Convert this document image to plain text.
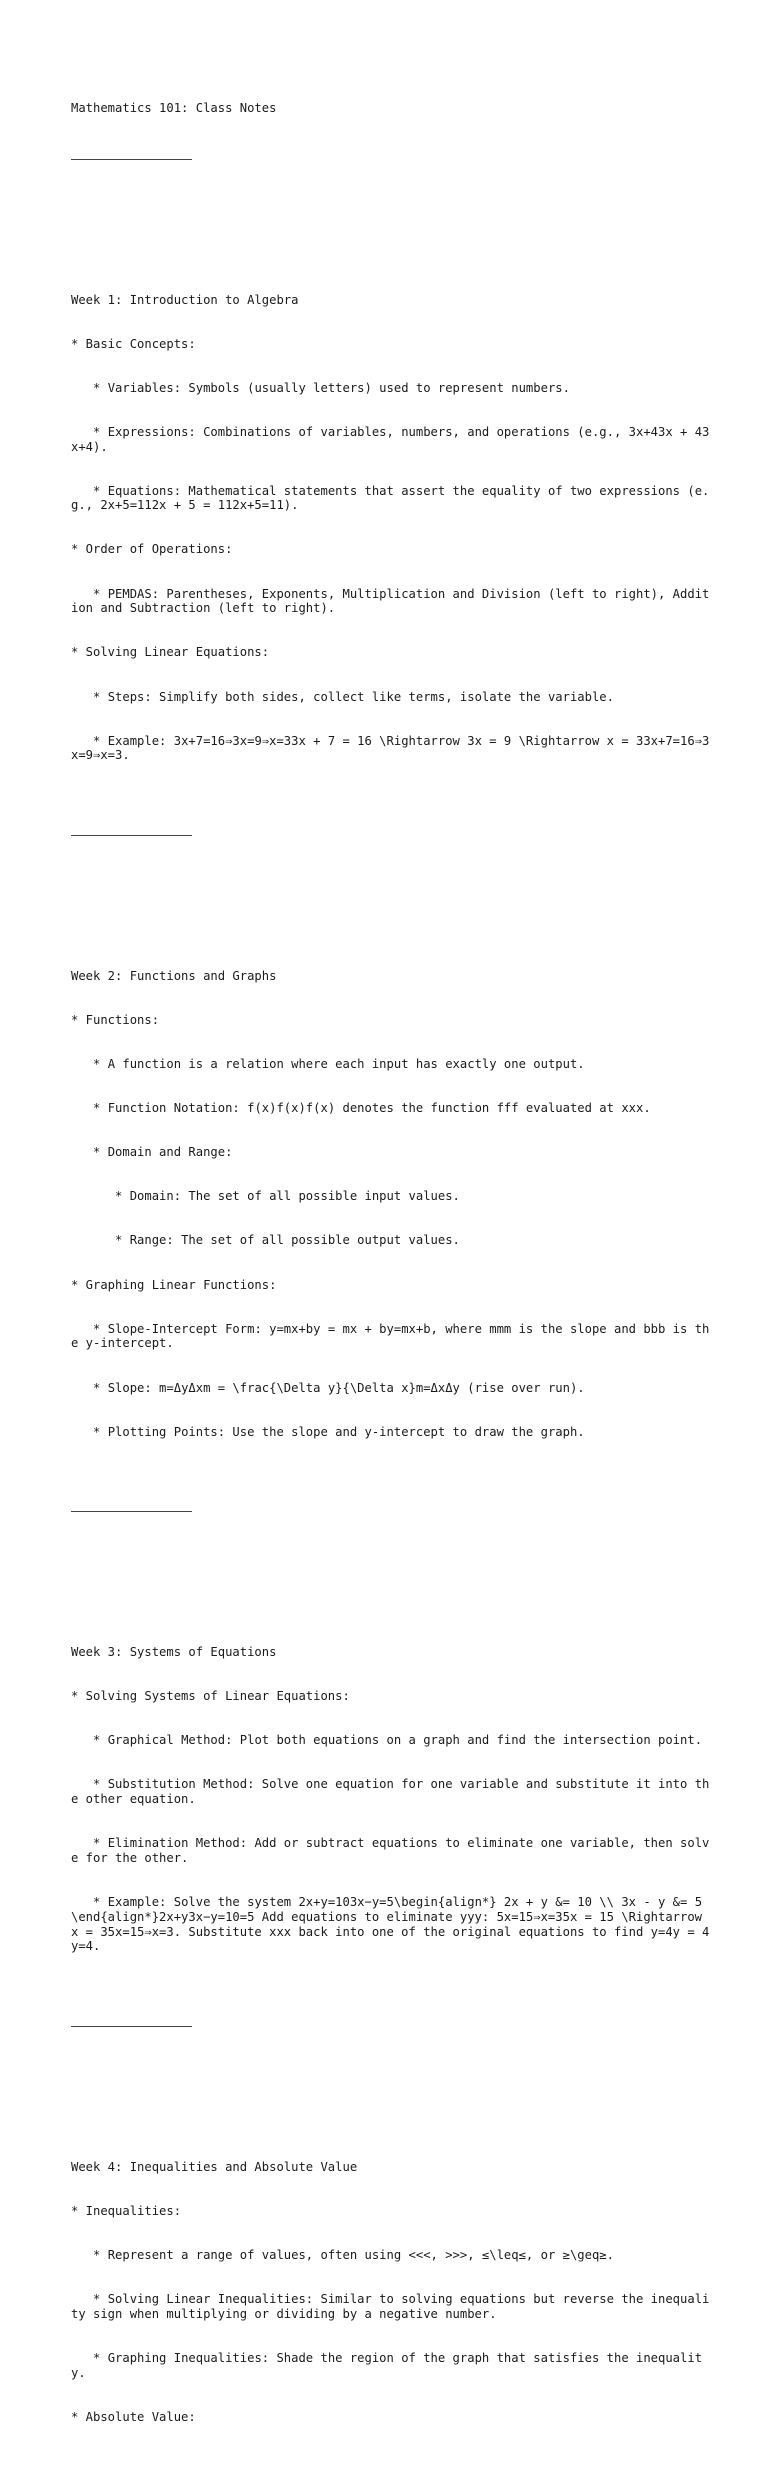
Mathematics 101: Class Notes

Week 1: Introduction to Algebra

* Basic Concepts:

* Variables: Symbols (usually letters) used to represent numbers.

* Expressions: Combinations of variables, numbers, and operations (e.g., 3x+43x + 43x+4).

* Equations: Mathematical statements that assert the equality of two expressions (e.g., 2x+5=112x + 5 = 112x+5=11).

* Order of Operations:

* PEMDAS: Parentheses, Exponents, Multiplication and Division (left to right), Addition and Subtraction (left to right).

* Solving Linear Equations:

* Steps: Simplify both sides, collect like terms, isolate the variable.

* Example: 3x+7=16⇒3x=9⇒x=33x + 7 = 16 \Rightarrow 3x = 9 \Rightarrow x = 33x+7=16⇒3x=9⇒x=3.

Week 2: Functions and Graphs

* Functions:

* A function is a relation where each input has exactly one output.

* Function Notation: f(x)f(x)f(x) denotes the function fff evaluated at xxx.

* Domain and Range:

* Domain: The set of all possible input values.

* Range: The set of all possible output values.

* Graphing Linear Functions:

* Slope-Intercept Form: y=mx+by = mx + by=mx+b, where mmm is the slope and bbb is the y-intercept.

* Slope: m=ΔyΔxm = \frac{\Delta y}{\Delta x}m=ΔxΔy (rise over run).

* Plotting Points: Use the slope and y-intercept to draw the graph.

Week 3: Systems of Equations

* Solving Systems of Linear Equations:

* Graphical Method: Plot both equations on a graph and find the intersection point.

* Substitution Method: Solve one equation for one variable and substitute it into the other equation.

* Elimination Method: Add or subtract equations to eliminate one variable, then solve for the other.

* Example: Solve the system 2x+y=103x−y=5\begin{align*} 2x + y &= 10 \\ 3x - y &= 5 \end{align*}2x+y3x−y=10=5 Add equations to eliminate yyy: 5x=15⇒x=35x = 15 \Rightarrow x = 35x=15⇒x=3. Substitute xxx back into one of the original equations to find y=4y = 4y=4.

Week 4: Inequalities and Absolute Value

* Inequalities:

* Represent a range of values, often using <<<, >>>, ≤\leq≤, or ≥\geq≥.

* Solving Linear Inequalities: Similar to solving equations but reverse the inequality sign when multiplying or dividing by a negative number.

* Graphing Inequalities: Shade the region of the graph that satisfies the inequality.

* Absolute Value:
